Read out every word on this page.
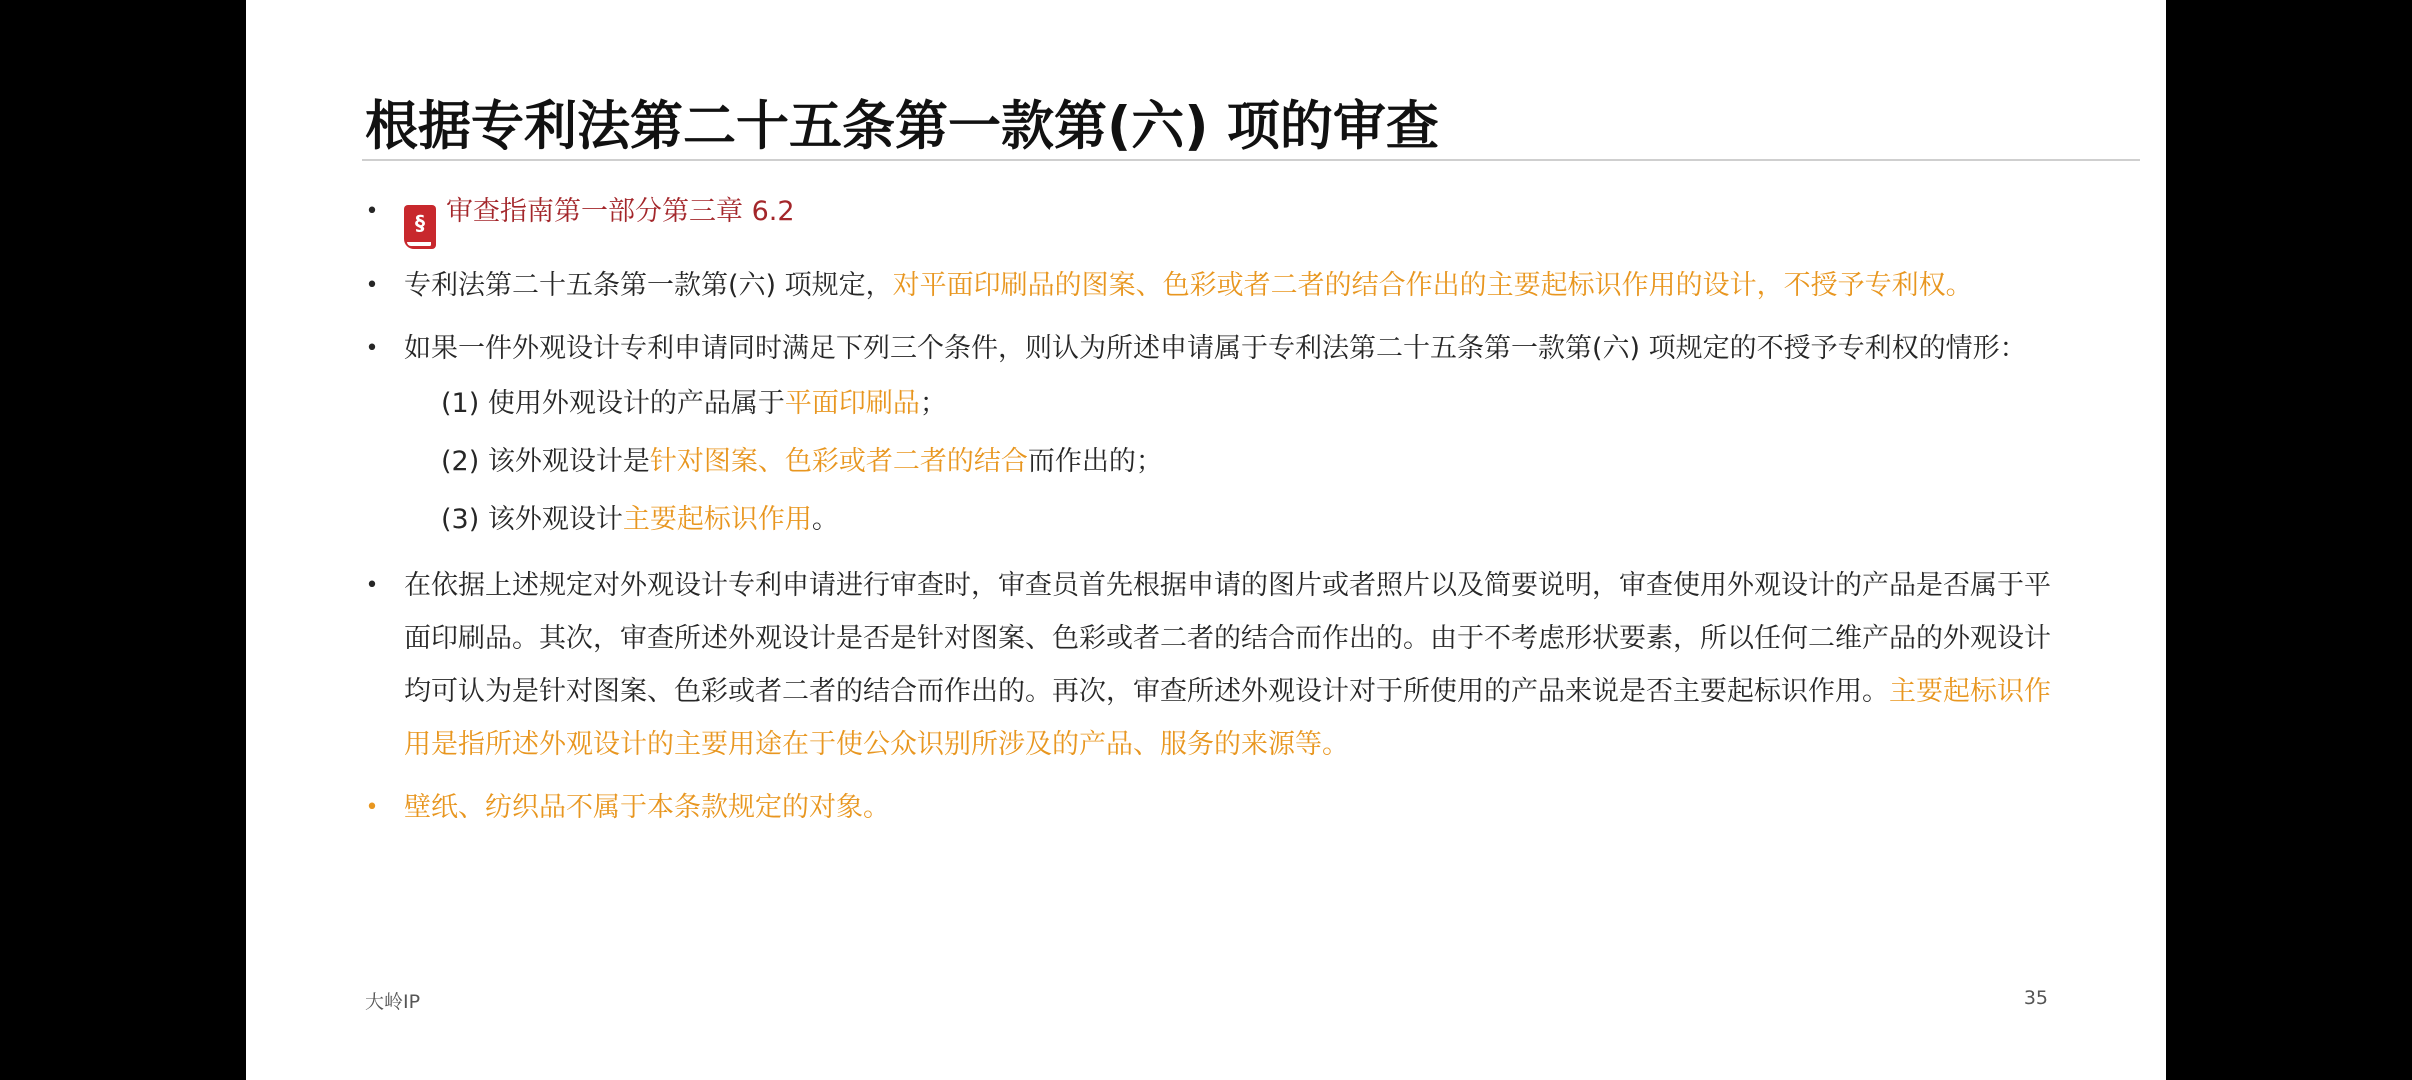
根据专利法第二十五条第一款第(六) 项的审查
• § 审查指南第一部分第三章 6.2
• 专利法第二十五条第一款第(六) 项规定，对平面印刷品的图案、色彩或者二者的结合作出的主要起标识作用的设计，不授予专利权。
• 如果一件外观设计专利申请同时满足下列三个条件，则认为所述申请属于专利法第二十五条第一款第(六) 项规定的不授予专利权的情形：
(1) 使用外观设计的产品属于平面印刷品；
(2) 该外观设计是针对图案、色彩或者二者的结合而作出的；
(3) 该外观设计主要起标识作用。
• 在依据上述规定对外观设计专利申请进行审查时，审查员首先根据申请的图片或者照片以及简要说明，审查使用外观设计的产品是否属于平面印刷品。其次，审查所述外观设计是否是针对图案、色彩或者二者的结合而作出的。由于不考虑形状要素，所以任何二维产品的外观设计均可认为是针对图案、色彩或者二者的结合而作出的。再次，审查所述外观设计对于所使用的产品来说是否主要起标识作用。主要起标识作用是指所述外观设计的主要用途在于使公众识别所涉及的产品、服务的来源等。
• 壁纸、纺织品不属于本条款规定的对象。
大岭IP	35
